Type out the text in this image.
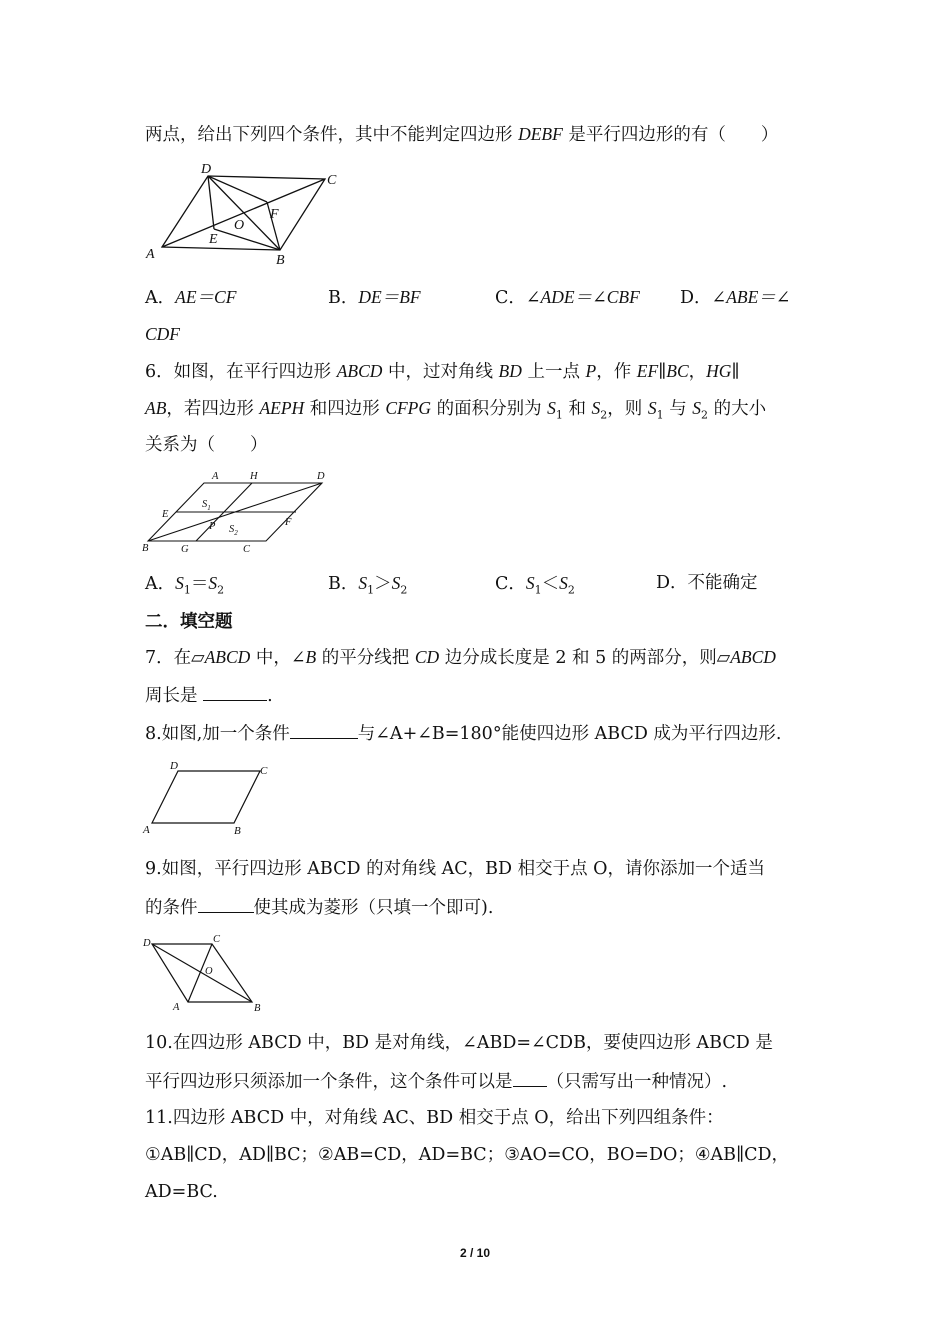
两点，给出下列四个条件，其中不能判定四边形 DEBF 是平行四边形的有（　　）
D
C
A	B
O
E
F
A．AE＝CF	B．DE＝BF	C．∠ADE＝∠CBF D．∠ABE＝∠
CDF
6．如图，在平行四边形 ABCD 中，过对角线 BD 上一点 P，作 EF∥BC，HG∥
AB，若四边形 AEPH 和四边形 CFPG 的面积分别为 $S_1$ 和 $S_2$，则 $S_1$ 与 $S_2$ 的大小
关系为（　　）
A	H	D
E
P	F
B	G	C
$S_1$
$S_2$
A．$S_1=S_2$	B．$S_1>S_2$	C．$S_1<S_2$	D．不能确定
二．填空题
7．在▱ABCD 中，∠B 的平分线把 CD 边分成长度是 2 和 5 的两部分，则▱ABCD
周长是	.
8.如图,加一个条件	与∠A+∠B=180°能使四边形 ABCD 成为平行四边形.
D	C
A	B
9.如图，平行四边形 ABCD 的对角线 AC，BD 相交于点 O，请你添加一个适当
的条件	使其成为菱形（只填一个即可).
D	C
O
A	B
10.在四边形 ABCD 中，BD 是对角线，∠ABD=∠CDB，要使四边形 ABCD 是
平行四边形只须添加一个条件，这个条件可以是 （只需写出一种情况）.
11.四边形 ABCD 中，对角线 AC、BD 相交于点 O，给出下列四组条件：
①AB∥CD，AD∥BC；②AB=CD，AD=BC；③AO=CO，BO=DO；④AB∥CD，
AD=BC.
2 / 10
